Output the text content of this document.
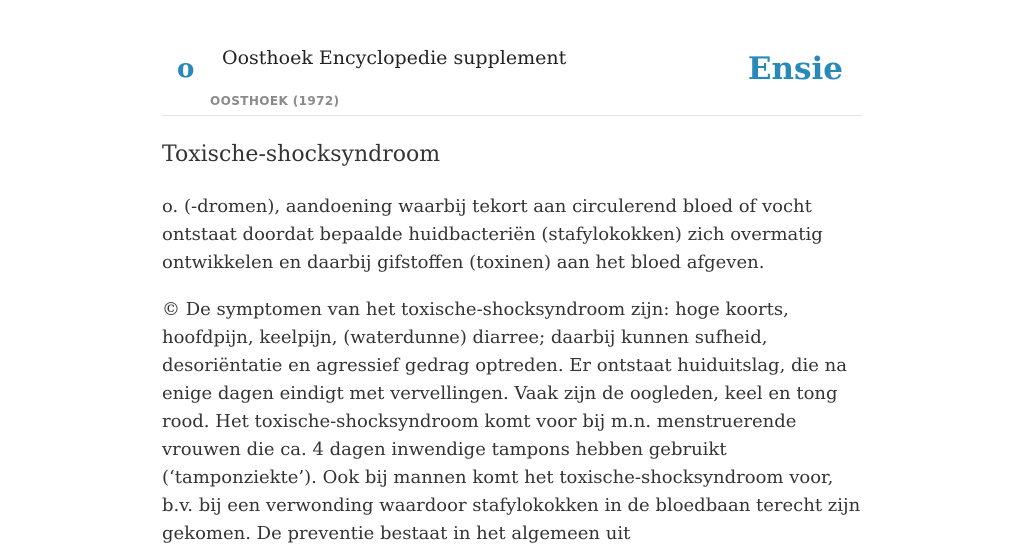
o Oosthoek Encyclopedie supplement
OOSTHOEK (1972)
Ensie
Toxische-shocksyndroom

o. (-dromen), aandoening waarbij tekort aan circulerend bloed of vocht ontstaat doordat bepaalde huidbacteriën (stafylokokken) zich overmatig ontwikkelen en daarbij gifstoffen (toxinen) aan het bloed afgeven.

© De symptomen van het toxische-shocksyndroom zijn: hoge koorts, hoofdpijn, keelpijn, (waterdunne) diarree; daarbij kunnen sufheid, desoriëntatie en agressief gedrag optreden. Er ontstaat huiduitslag, die na enige dagen eindigt met vervellingen. Vaak zijn de oogleden, keel en tong rood. Het toxische-shocksyndroom komt voor bij m.n. menstruerende vrouwen die ca. 4 dagen inwendige tampons hebben gebruikt (‘tamponziekte’). Ook bij mannen komt het toxische-shocksyndroom voor, b.v. bij een verwonding waardoor stafylokokken in de bloedbaan terecht zijn gekomen. De preventie bestaat in het algemeen uit
